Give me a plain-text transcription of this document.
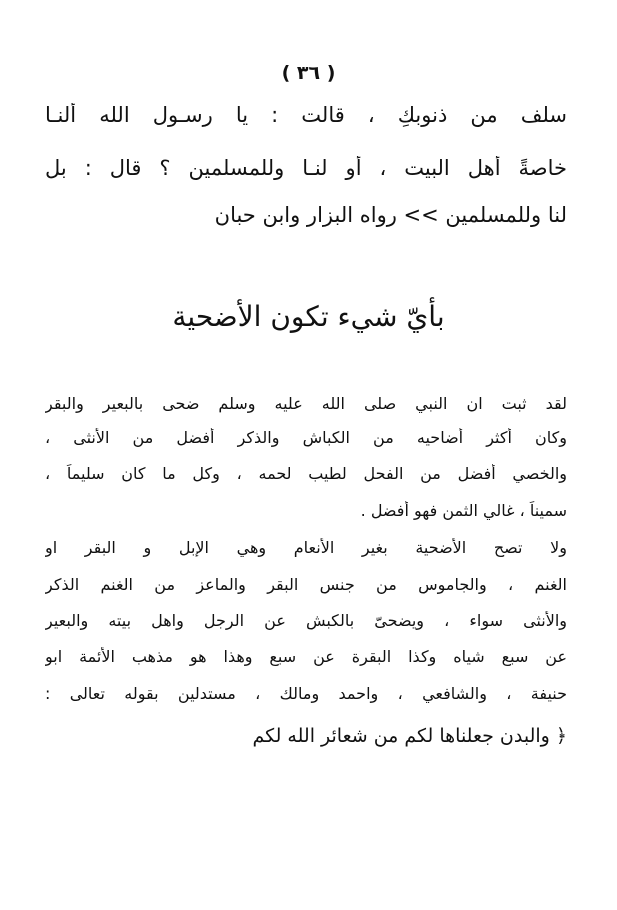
( ٣٦ )
سلف من ذنوبكِ ، قالت : يا رسـول الله ألنـا
خاصةً أهل البيت ، أو لنـا وللمسلمين ؟ قال : بل
لنا وللمسلمين >> رواه البزار وابن حبان
بأيّ شيء تكون الأضحية
لقد ثبت ان النبي صلى الله عليه وسلم ضحى بالبعير والبقر
وكان أكثر أضاحيه من الكباش والذكر أفضل من الأنثى ،
والخصي أفضل من الفحل لطيب لحمه ، وكل ما كان سليماً ،
سميناً ، غالي الثمن فهو أفضل .
ولا تصح الأضحية بغير الأنعام وهي الإبل و البقر او
الغنم ، والجاموس من جنس البقر والماعز من الغنم الذكر
والأنثى سواء ، ويضحىّ بالكبش عن الرجل واهل بيته والبعير
عن سبع شياه وكذا البقرة عن سبع وهذا هو مذهب الأئمة ابو
حنيفة ، والشافعي ، واحمد ومالك ، مستدلين بقوله تعالى :
﴿ والبدن جعلناها لكم من شعائر الله لكم
